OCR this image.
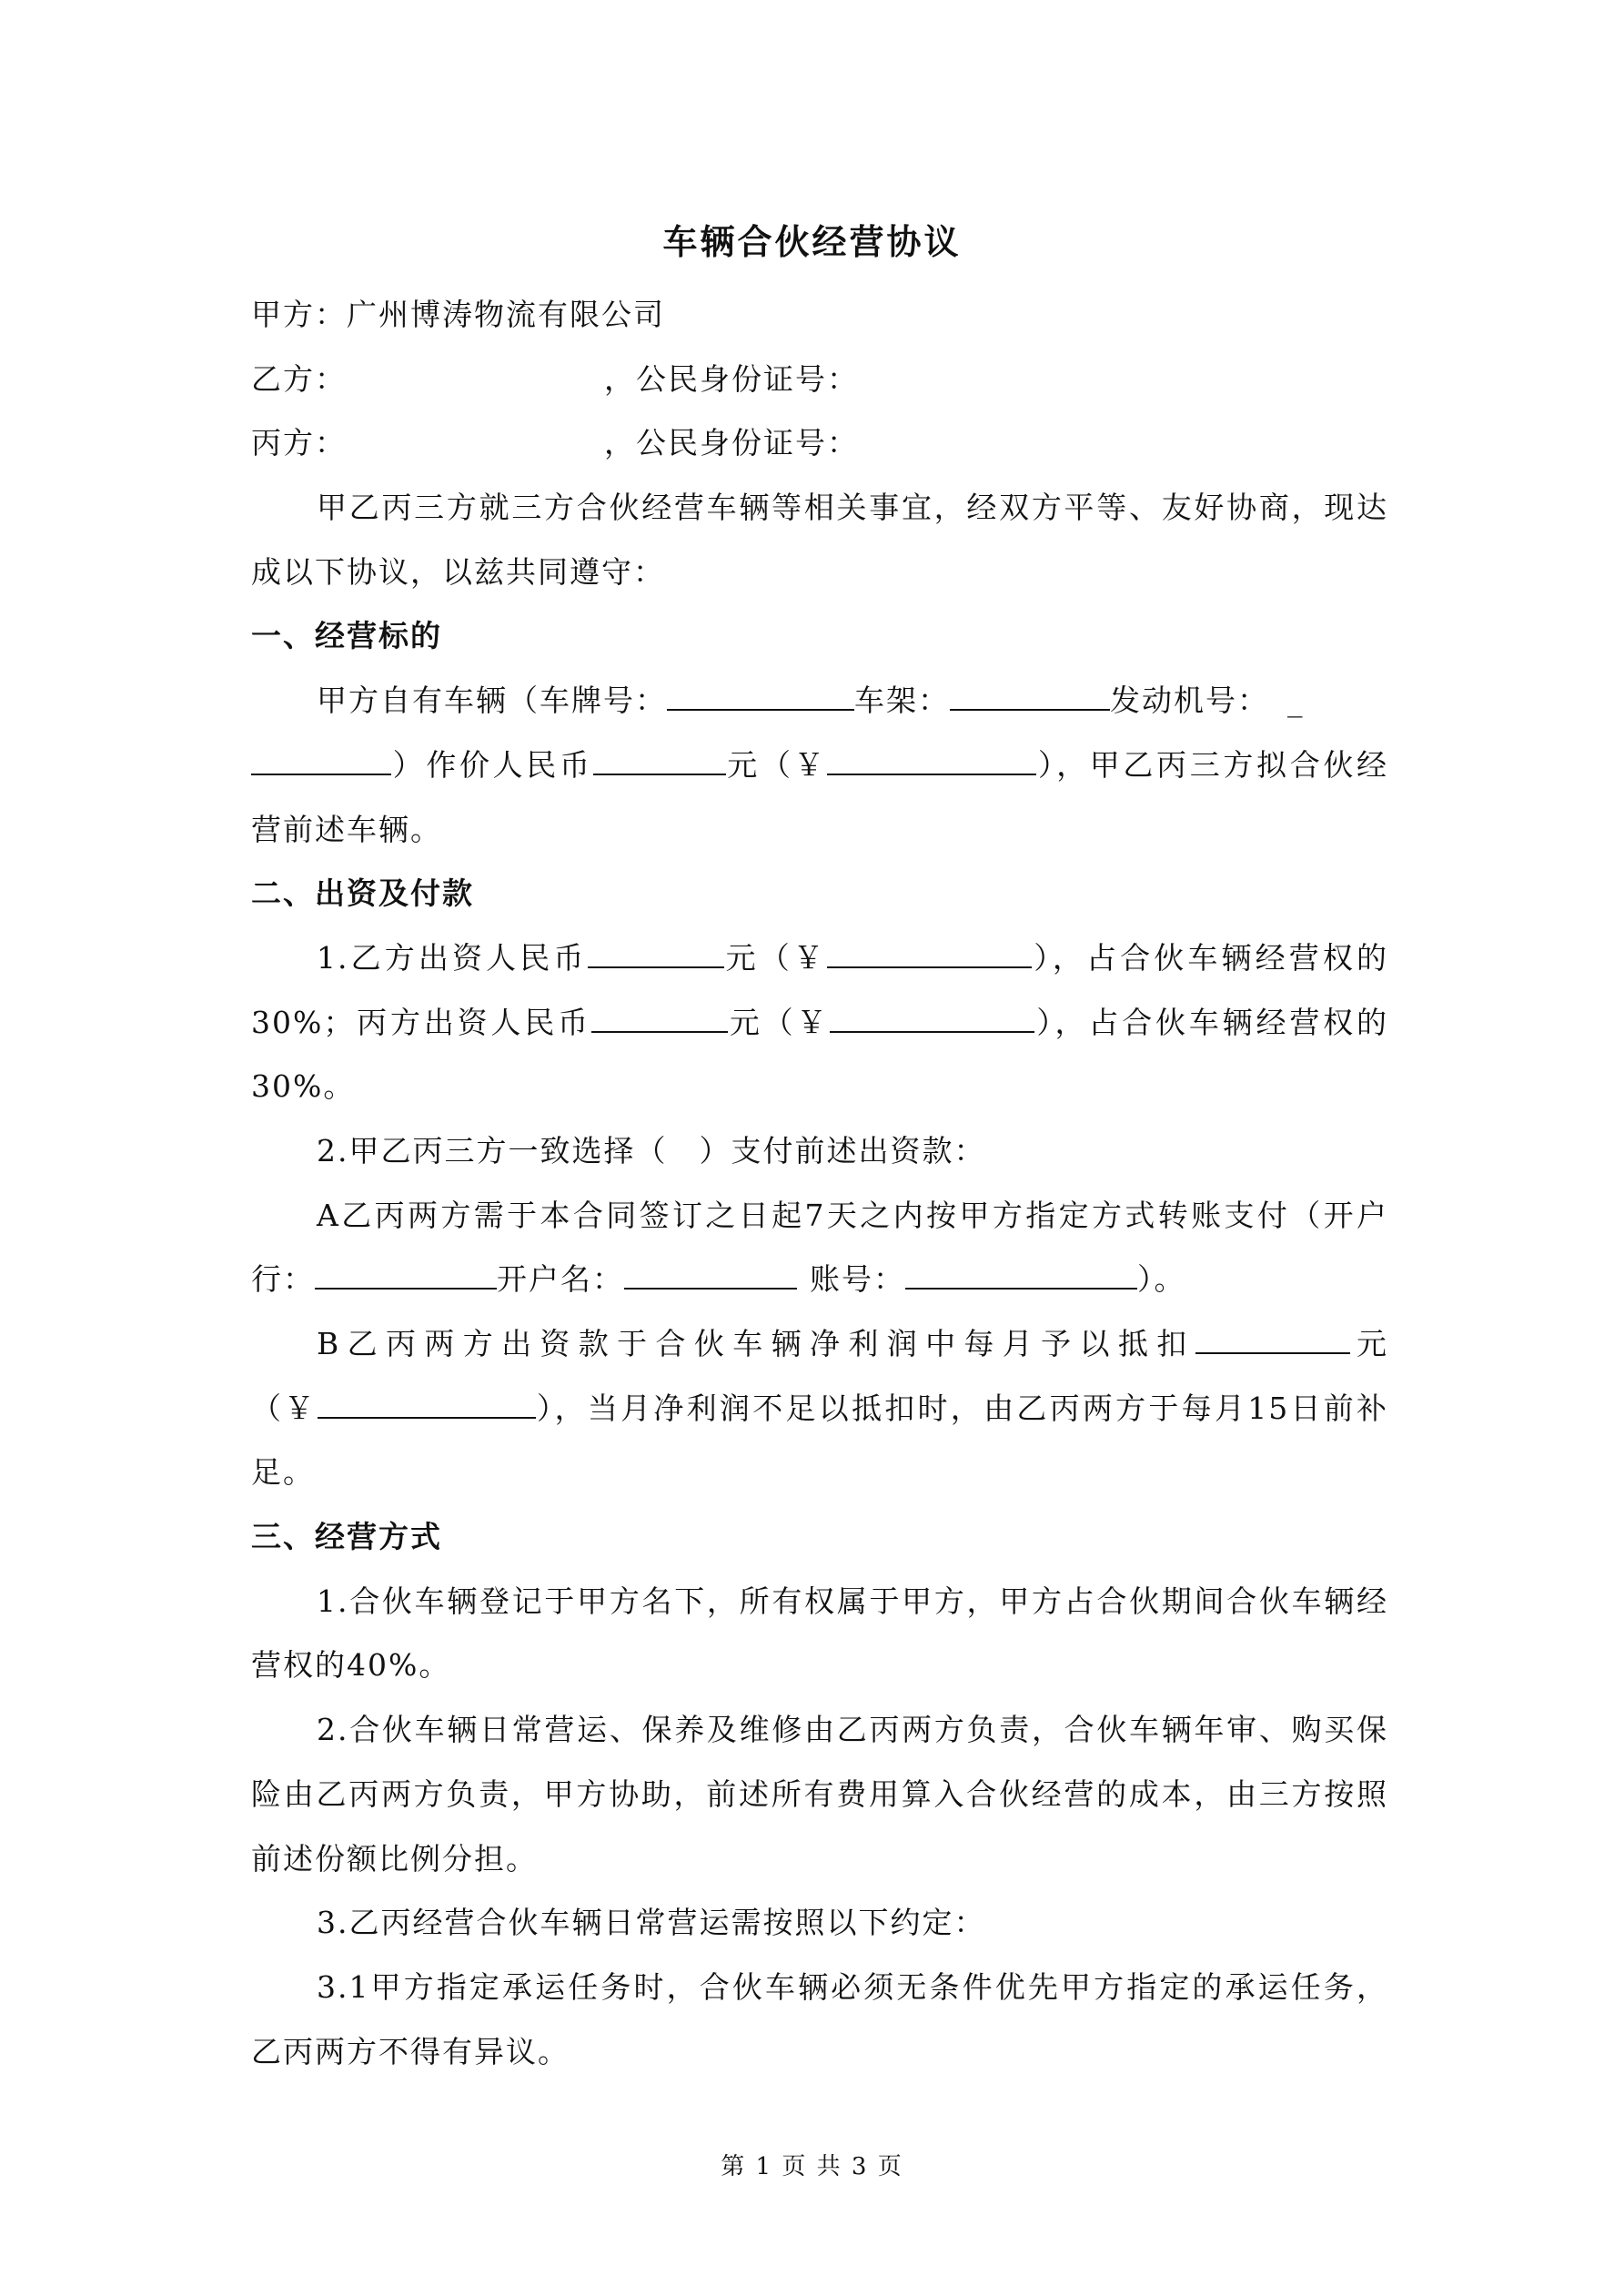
车辆合伙经营协议
甲方：广州博涛物流有限公司
乙方：	，公民身份证号：
丙方：	，公民身份证号：
甲乙丙三方就三方合伙经营车辆等相关事宜，经双方平等、友好协商，现达
成以下协议，以兹共同遵守：
一、经营标的
甲方自有车辆（车牌号：	车架：	发动机号： _
）作价人民币	元（￥	），甲乙丙三方拟合伙经
营前述车辆。
二、出资及付款
1.乙方出资人民币	元（￥	），占合伙车辆经营权的
30%；丙方出资人民币	元（￥	），占合伙车辆经营权的
30%。
2.甲乙丙三方一致选择（　）支付前述出资款：
A乙丙两方需于本合同签订之日起7天之内按甲方指定方式转账支付（开户
行：	开户名：	账号：	）。
B乙丙两方出资款于合伙车辆净利润中每月予以抵扣	元
（￥	），当月净利润不足以抵扣时，由乙丙两方于每月15日前补
足。
三、经营方式
1.合伙车辆登记于甲方名下，所有权属于甲方，甲方占合伙期间合伙车辆经
营权的40%。
2.合伙车辆日常营运、保养及维修由乙丙两方负责，合伙车辆年审、购买保
险由乙丙两方负责，甲方协助，前述所有费用算入合伙经营的成本，由三方按照
前述份额比例分担。
3.乙丙经营合伙车辆日常营运需按照以下约定：
3.1甲方指定承运任务时，合伙车辆必须无条件优先甲方指定的承运任务，
乙丙两方不得有异议。
第 1 页 共 3 页
